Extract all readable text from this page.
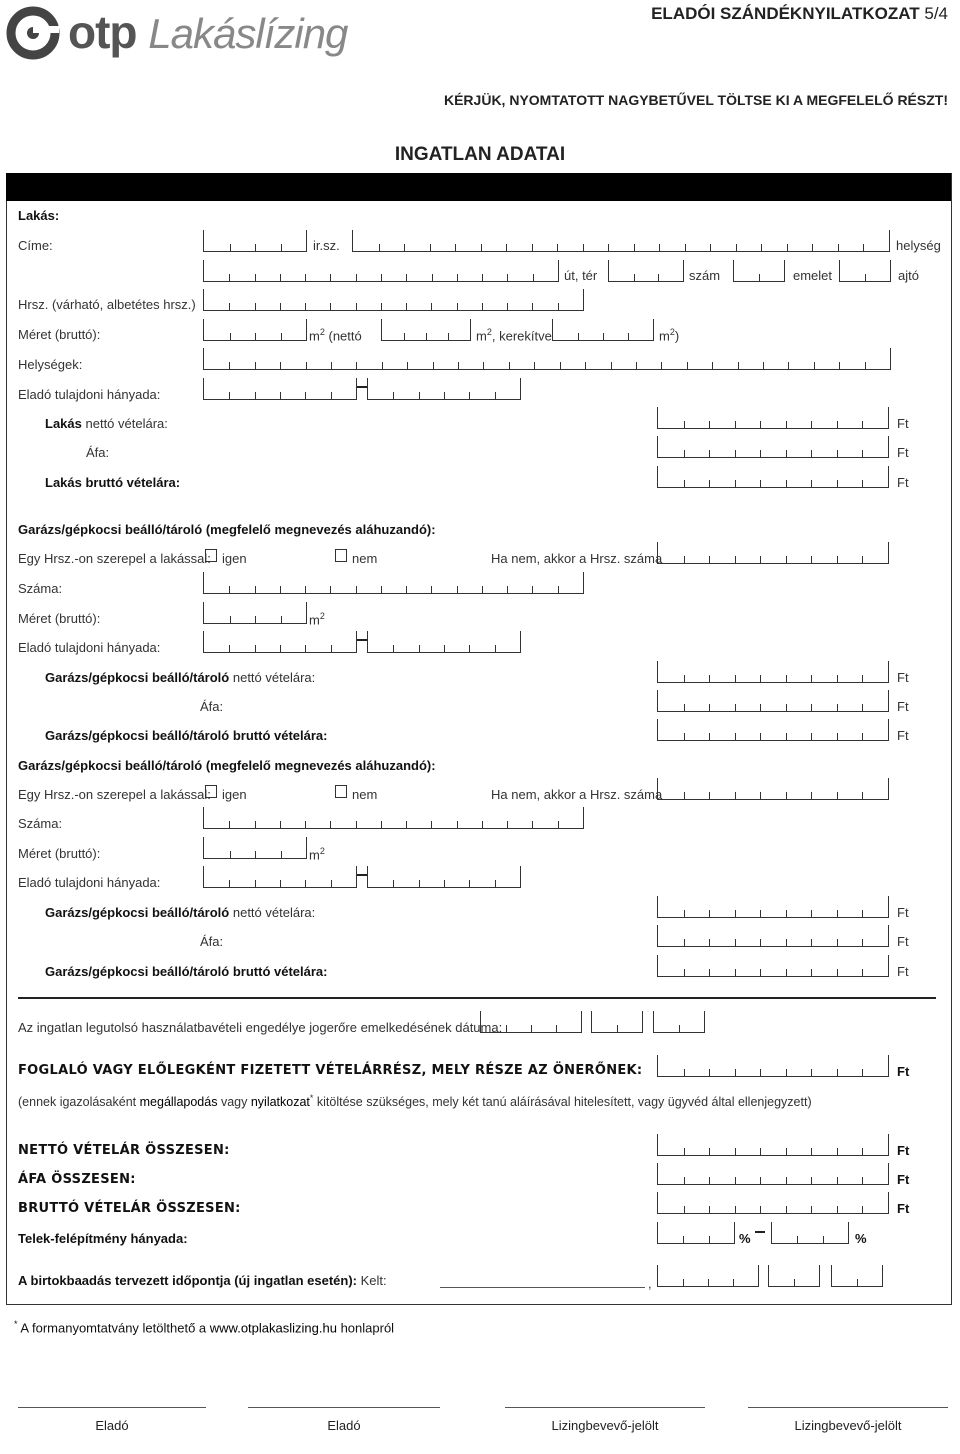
otp Lakáslízing	ELADÓI SZÁNDÉKNYILATKOZAT 5/4
KÉRJÜK, NYOMTATOTT NAGYBETŰVEL TÖLTSE KI A MEGFELELŐ RÉSZT!
INGATLAN ADATAI
Lakás:
Címe:	ir.sz.	helység
út, tér	szám	emelet	ajtó
Hrsz. (várható, albetétes hrsz.)
Méret (bruttó):	$m^2$ (nettó	$m^2$, kerekítve	$m^2$)
Helységek:
Eladó tulajdoni hányada:
Lakás nettó vételára:	Ft
Áfa:	Ft
Lakás bruttó vételára:	Ft
Garázs/gépkocsi beálló/tároló (megfelelő megnevezés aláhuzandó):
Egy Hrsz.-on szerepel a lakással: igen	nem	Ha nem, akkor a Hrsz. száma
Száma:
Méret (bruttó):	$m^2$
Eladó tulajdoni hányada:
Garázs/gépkocsi beálló/tároló nettó vételára:	Ft
Áfa:	Ft
Garázs/gépkocsi beálló/tároló bruttó vételára:	Ft
Garázs/gépkocsi beálló/tároló (megfelelő megnevezés aláhuzandó):
Egy Hrsz.-on szerepel a lakással: igen	nem	Ha nem, akkor a Hrsz. száma
Száma:
Méret (bruttó):	$m^2$
Eladó tulajdoni hányada:
Garázs/gépkocsi beálló/tároló nettó vételára:	Ft
Áfa:	Ft
Garázs/gépkocsi beálló/tároló bruttó vételára:	Ft
Az ingatlan legutolsó használatbavételi engedélye jogerőre emelkedésének dátuma:
FOGLALÓ VAGY ELŐLEGKÉNT FIZETETT VÉTELÁRRÉSZ, MELY RÉSZE AZ ÖNERŐNEK:	Ft
(ennek igazolásaként megállapodás vagy nyilatkozat* kitöltése szükséges, mely két tanú aláírásával hitelesített, vagy ügyvéd által ellenjegyzett)
NETTÓ VÉTELÁR ÖSSZESEN:	Ft
ÁFA ÖSSZESEN:	Ft
BRUTTÓ VÉTELÁR ÖSSZESEN:	Ft
Telek-felépítmény hányada:	%	%
A birtokbaadás tervezett időpontja (új ingatlan esetén): Kelt:	,
* A formanyomtatvány letölthető a www.otplakaslizing.hu honlapról
Eladó	Eladó	Lizingbevevő-jelölt	Lizingbevevő-jelölt
